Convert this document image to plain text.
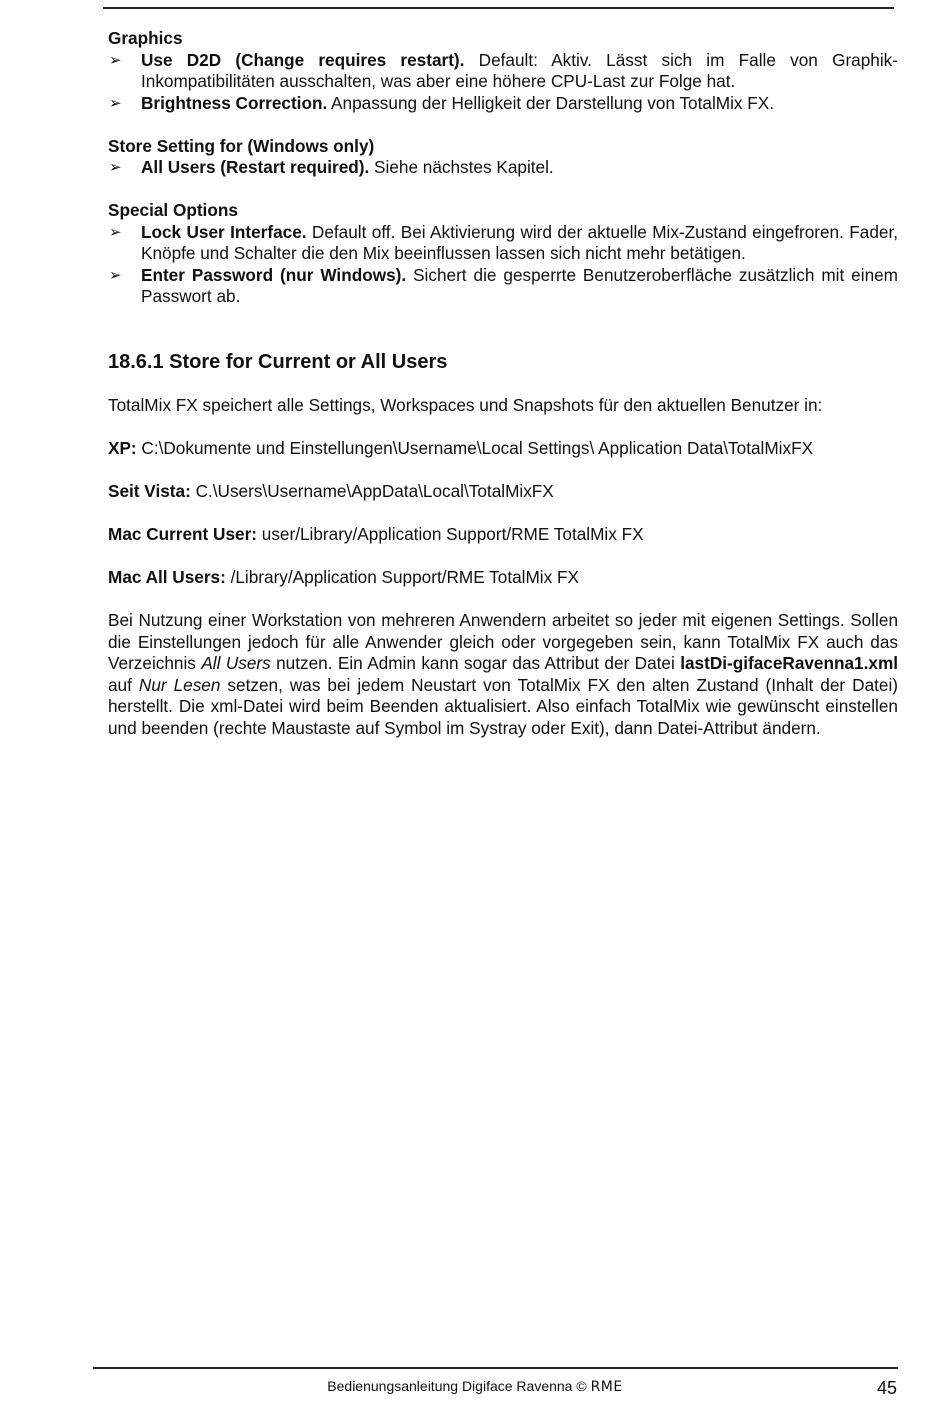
Graphics

➢ Use D2D (Change requires restart). Default: Aktiv. Lässt sich im Falle von Graphik-Inkompatibilitäten ausschalten, was aber eine höhere CPU-Last zur Folge hat.
➢ Brightness Correction. Anpassung der Helligkeit der Darstellung von TotalMix FX.

Store Setting for (Windows only)

➢ All Users (Restart required). Siehe nächstes Kapitel.

Special Options

➢ Lock User Interface. Default off. Bei Aktivierung wird der aktuelle Mix-Zustand eingefroren. Fader, Knöpfe und Schalter die den Mix beeinflussen lassen sich nicht mehr betätigen.
➢ Enter Password (nur Windows). Sichert die gesperrte Benutzeroberfläche zusätzlich mit einem Passwort ab.
18.6.1 Store for Current or All Users

TotalMix FX speichert alle Settings, Workspaces und Snapshots für den aktuellen Benutzer in:

XP: C:\Dokumente und Einstellungen\Username\Local Settings\ Application Data\TotalMixFX

Seit Vista: C.\Users\Username\AppData\Local\TotalMixFX

Mac Current User: user/Library/Application Support/RME TotalMix FX

Mac All Users: /Library/Application Support/RME TotalMix FX

Bei Nutzung einer Workstation von mehreren Anwendern arbeitet so jeder mit eigenen Settings. Sollen die Einstellungen jedoch für alle Anwender gleich oder vorgegeben sein, kann TotalMix FX auch das Verzeichnis All Users nutzen. Ein Admin kann sogar das Attribut der Datei lastDi-gifaceRavenna1.xml auf Nur Lesen setzen, was bei jedem Neustart von TotalMix FX den alten Zustand (Inhalt der Datei) herstellt. Die xml-Datei wird beim Beenden aktualisiert. Also einfach TotalMix wie gewünscht einstellen und beenden (rechte Maustaste auf Symbol im Systray oder Exit), dann Datei-Attribut ändern.

Bedienungsanleitung Digiface Ravenna © RME	45
